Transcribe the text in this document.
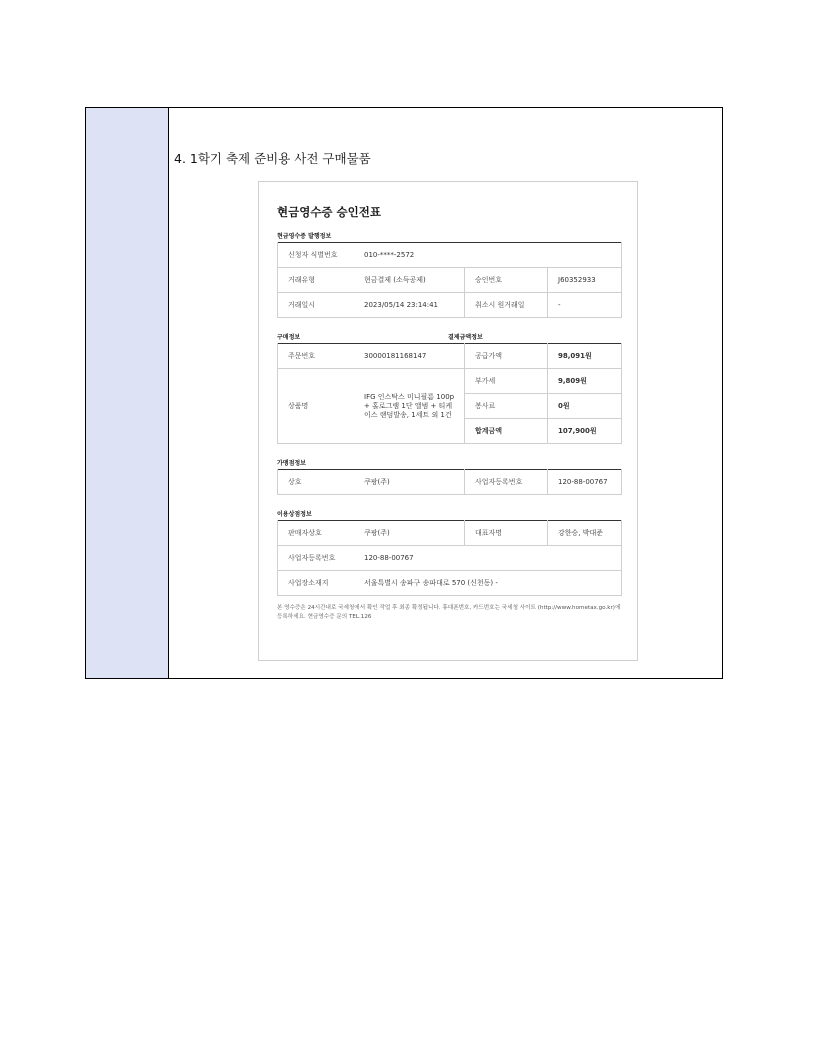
4. 1학기 축제 준비용 사전 구매물품
현금영수증 승인전표
현금영수증 발행정보
신청자 식별번호	010-****-2572		
거래유형	현금결제 (소득공제)	승인번호	J60352933
거래일시	2023/05/14 23:14:41	취소시 원거래일	-
구매정보	결제금액정보
주문번호	30000181168147	공급가액	98,091원
상품명	IFG 인스탁스 미니필름 100p + 홀로그램 1단 앨범 + 티케이스 랜덤발송, 1세트 외 1건	부가세	9,809원
		봉사료	0원
		합계금액	107,900원
가맹점정보
상호	쿠팡(주)	사업자등록번호	120-88-00767
이용상점정보
판매자상호	쿠팡(주)	대표자명	강한승, 박대준
사업자등록번호	120-88-00767		
사업장소재지	서울특별시 송파구 송파대로 570 (신천동) -		
본 영수증은 24시간내로 국세청에서 확인 작업 후 최종 확정됩니다. 휴대폰번호, 카드번호는 국세청 사이트 (http://www.hometax.go.kr)에 등록하세요. 현금영수증 문의 TEL.126
